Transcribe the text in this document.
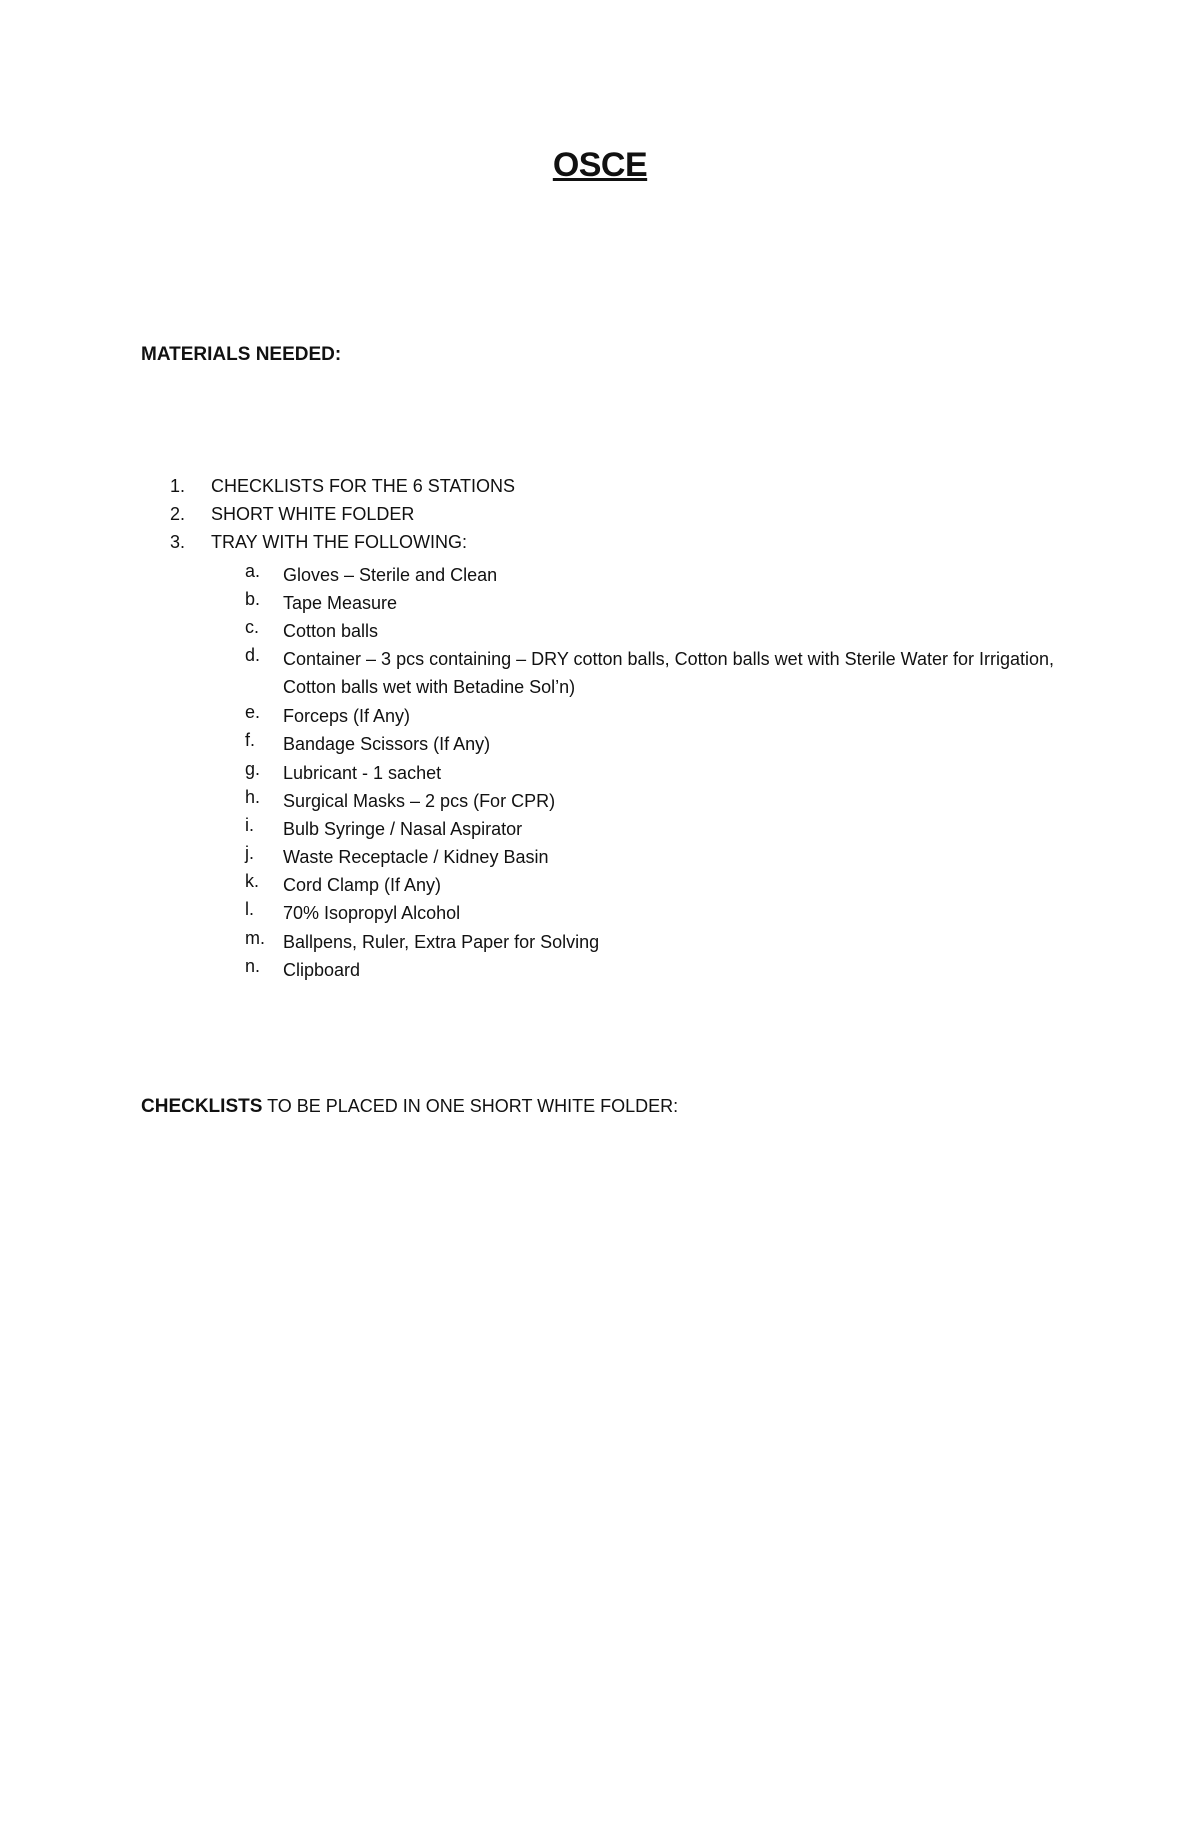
OSCE
MATERIALS NEEDED:
1.	CHECKLISTS FOR THE 6 STATIONS
2.	SHORT WHITE FOLDER
3.	TRAY WITH THE FOLLOWING:
a.	Gloves – Sterile and Clean
b.	Tape Measure
c.	Cotton balls
d.	Container – 3 pcs containing – DRY cotton balls, Cotton balls wet with Sterile Water for Irrigation, Cotton balls wet with Betadine Sol’n)
e.	Forceps (If Any)
f.	Bandage Scissors (If Any)
g.	Lubricant - 1 sachet
h.	Surgical Masks – 2 pcs (For CPR)
i.	Bulb Syringe / Nasal Aspirator
j.	Waste Receptacle / Kidney Basin
k.	Cord Clamp (If Any)
l.	70% Isopropyl Alcohol
m.	Ballpens, Ruler, Extra Paper for Solving
n.	Clipboard
CHECKLISTS TO BE PLACED IN ONE SHORT WHITE FOLDER:
